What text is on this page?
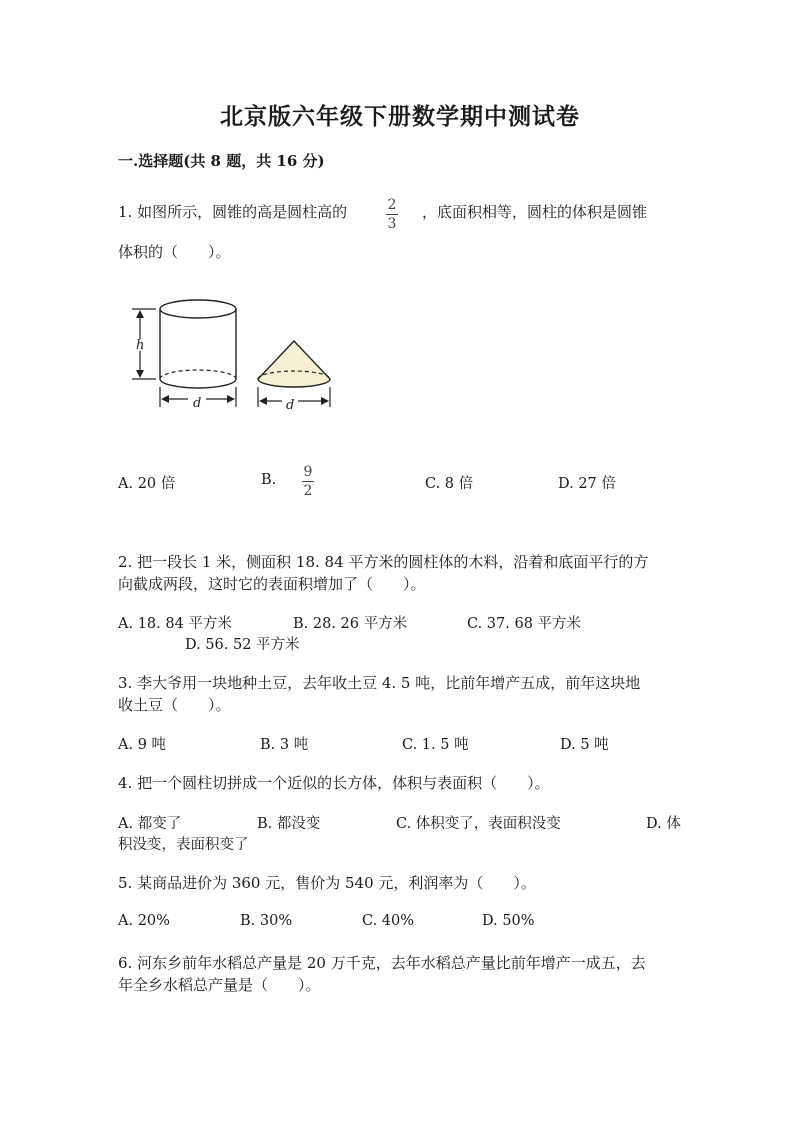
北京版六年级下册数学期中测试卷
一.选择题(共 8 题，共 16 分)
1. 如图所示，圆锥的高是圆柱高的	2
3
，底面积相等，圆柱的体积是圆锥
体积的（　　）。
h
d	d
A. 20 倍	B. 9
2	C. 8 倍	D. 27 倍
2. 把一段长 1 米，侧面积 18. 84 平方米的圆柱体的木料，沿着和底面平行的方
向截成两段，这时它的表面积增加了（　　）。
A. 18. 84 平方米	B. 28. 26 平方米	C. 37. 68 平方米
D. 56. 52 平方米
3. 李大爷用一块地种土豆，去年收土豆 4. 5 吨，比前年增产五成，前年这块地
收土豆（　　）。
A. 9 吨	B. 3 吨	C. 1. 5 吨	D. 5 吨
4. 把一个圆柱切拼成一个近似的长方体，体积与表面积（　　）。
A. 都变了	B. 都没变	C. 体积变了，表面积没变	D. 体
积没变，表面积变了
5. 某商品进价为 360 元，售价为 540 元，利润率为（　　）。
A. 20%	B. 30%	C. 40%	D. 50%
6. 河东乡前年水稻总产量是 20 万千克，去年水稻总产量比前年增产一成五，去
年全乡水稻总产量是（　　）。
